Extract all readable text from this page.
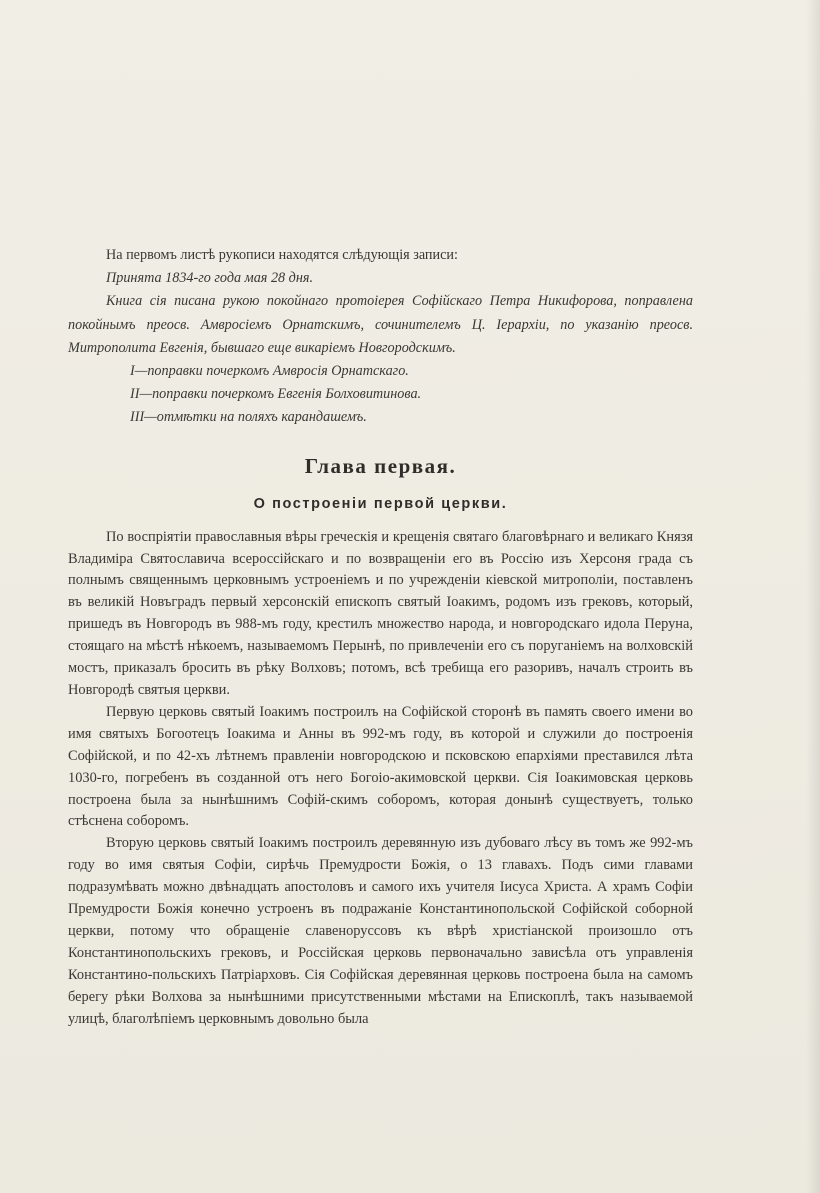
На первомъ листѣ рукописи находятся слѣдующія записи:

Принята 1834-го года мая 28 дня.

Книга сія писана рукою покойнаго протоіерея Софійскаго Петра Никифорова, поправлена покойнымъ преосв. Амвросіемъ Орнатскимъ, сочинителемъ Ц. Іерархіи, по указанію преосв. Митрополита Евгенія, бывшаго еще викаріемъ Новгородскимъ.

I—поправки почеркомъ Амвросія Орнатскаго.

II—поправки почеркомъ Евгенія Болховитинова.

III—отмѣтки на поляхъ карандашемъ.

Глава первая.
О построеніи первой церкви.

По воспріятіи православныя вѣры греческія и крещенія святаго благовѣрнаго и великаго Князя Владиміра Святославича всероссійскаго и по возвращеніи его въ Россію изъ Херсоня града съ полнымъ священнымъ церковнымъ устроеніемъ и по учрежденіи кіевской митрополіи, поставленъ въ великій Новъградъ первый херсонскій епископъ святый Іоакимъ, родомъ изъ грековъ, который, пришедъ въ Новгородъ въ 988-мъ году, крестилъ множество народа, и новгородскаго идола Перуна, стоящаго на мѣстѣ нѣкоемъ, называемомъ Перынѣ, по привлеченіи его съ поруганіемъ на волховскій мостъ, приказалъ бросить въ рѣку Волховъ; потомъ, всѣ требища его разоривъ, началъ строить въ Новгородѣ святыя церкви.

Первую церковь святый Іоакимъ построилъ на Софійской сторонѣ въ память своего имени во имя святыхъ Богоотецъ Іоакима и Анны въ 992-мъ году, въ которой и служили до построенія Софійской, и по 42-хъ лѣтнемъ правленіи новгородскою и псковскою епархіями преставился лѣта 1030-го, погребенъ въ созданной отъ него Богоіо-акимовской церкви. Сія Іоакимовская церковь построена была за нынѣшнимъ Софій-скимъ соборомъ, которая донынѣ существуетъ, только стѣснена соборомъ.

Вторую церковь святый Іоакимъ построилъ деревянную изъ дубоваго лѣсу въ томъ же 992-мъ году во имя святыя Софіи, сирѣчь Премудрости Божія, о 13 главахъ. Подъ сими главами подразумѣвать можно двѣнадцать апостоловъ и самого ихъ учителя Іисуса Христа. А храмъ Софіи Премудрости Божія конечно устроенъ въ подражаніе Константинопольской Софійской соборной церкви, потому что обращеніе славеноруссовъ къ вѣрѣ христіанской произошло отъ Константинопольскихъ грековъ, и Россійская церковь первоначально зависѣла отъ управленія Константино-польскихъ Патріарховъ. Сія Софійская деревянная церковь построена была на самомъ берегу рѣки Волхова за нынѣшними присутственными мѣстами на Епископлѣ, такъ называемой улицѣ, благолѣпіемъ церковнымъ довольно была
